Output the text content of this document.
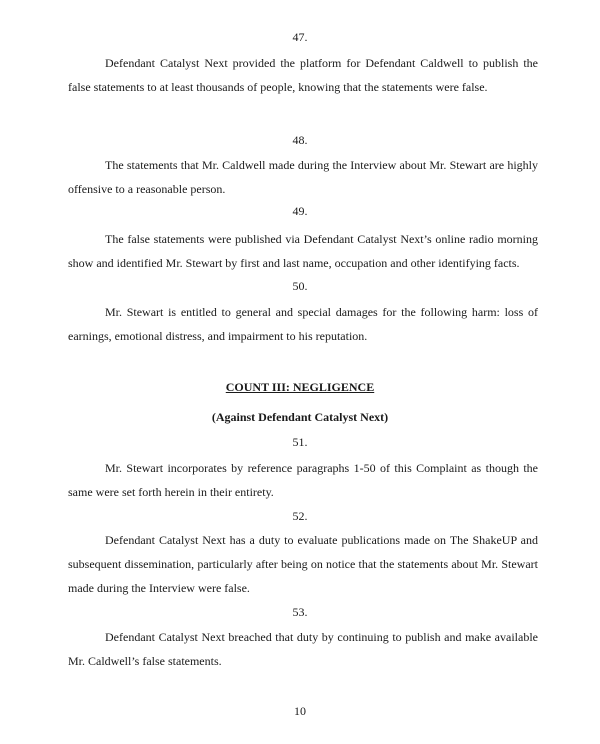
47.

Defendant Catalyst Next provided the platform for Defendant Caldwell to publish the false statements to at least thousands of people, knowing that the statements were false.

48.

The statements that Mr. Caldwell made during the Interview about Mr. Stewart are highly offensive to a reasonable person.

49.

The false statements were published via Defendant Catalyst Next’s online radio morning show and identified Mr. Stewart by first and last name, occupation and other identifying facts.

50.

Mr. Stewart is entitled to general and special damages for the following harm: loss of earnings, emotional distress, and impairment to his reputation.

COUNT III: NEGLIGENCE
(Against Defendant Catalyst Next)
51.

Mr. Stewart incorporates by reference paragraphs 1-50 of this Complaint as though the same were set forth herein in their entirety.

52.

Defendant Catalyst Next has a duty to evaluate publications made on The ShakeUP and subsequent dissemination, particularly after being on notice that the statements about Mr. Stewart made during the Interview were false.

53.

Defendant Catalyst Next breached that duty by continuing to publish and make available Mr. Caldwell’s false statements.

10
